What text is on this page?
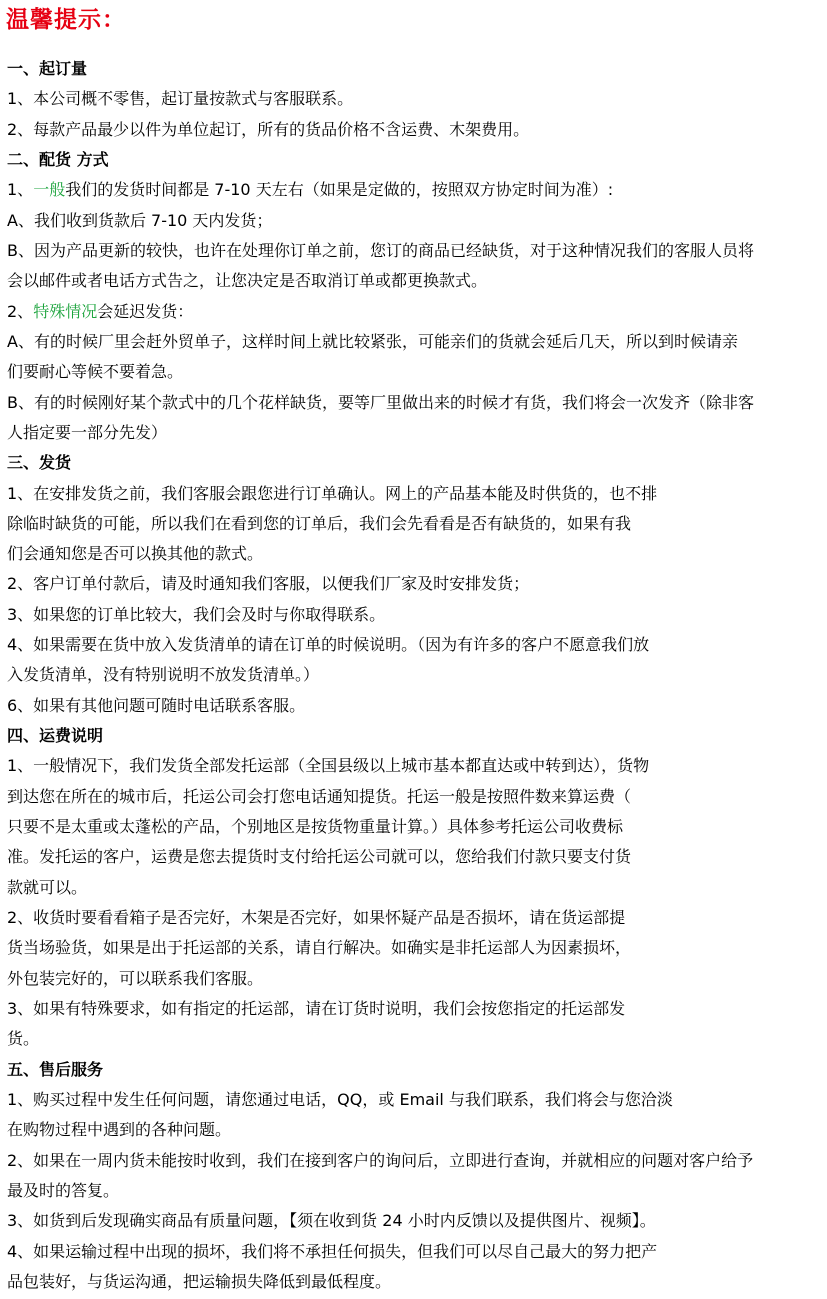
温馨提示：
一、起订量
1、本公司概不零售，起订量按款式与客服联系。
2、每款产品最少以件为单位起订，所有的货品价格不含运费、木架费用。
二、配货 方式
1、一般我们的发货时间都是 7-10 天左右（如果是定做的，按照双方协定时间为准）:
A、我们收到货款后 7-10 天内发货；
B、因为产品更新的较快，也许在处理你订单之前，您订的商品已经缺货，对于这种情况我们的客服人员将
会以邮件或者电话方式告之，让您决定是否取消订单或都更换款式。
2、特殊情况会延迟发货：
A、有的时候厂里会赶外贸单子，这样时间上就比较紧张，可能亲们的货就会延后几天，所以到时候请亲
们要耐心等候不要着急。
B、有的时候刚好某个款式中的几个花样缺货，要等厂里做出来的时候才有货，我们将会一次发齐（除非客
人指定要一部分先发）
三、发货
1、在安排发货之前，我们客服会跟您进行订单确认。网上的产品基本能及时供货的，也不排
除临时缺货的可能，所以我们在看到您的订单后，我们会先看看是否有缺货的，如果有我
们会通知您是否可以换其他的款式。
2、客户订单付款后，请及时通知我们客服，以便我们厂家及时安排发货；
3、如果您的订单比较大，我们会及时与你取得联系。
4、如果需要在货中放入发货清单的请在订单的时候说明。（因为有许多的客户不愿意我们放
入发货清单，没有特别说明不放发货清单。）
6、如果有其他问题可随时电话联系客服。
四、运费说明
1、一般情况下，我们发货全部发托运部（全国县级以上城市基本都直达或中转到达），货物
到达您在所在的城市后，托运公司会打您电话通知提货。托运一般是按照件数来算运费（
只要不是太重或太蓬松的产品，个别地区是按货物重量计算。）具体参考托运公司收费标
准。发托运的客户，运费是您去提货时支付给托运公司就可以，您给我们付款只要支付货
款就可以。
2、收货时要看看箱子是否完好，木架是否完好，如果怀疑产品是否损坏，请在货运部提
货当场验货，如果是出于托运部的关系，请自行解决。如确实是非托运部人为因素损坏，
外包装完好的，可以联系我们客服。
3、如果有特殊要求，如有指定的托运部，请在订货时说明，我们会按您指定的托运部发
货。
五、售后服务
1、购买过程中发生任何问题，请您通过电话，QQ，或 Email 与我们联系，我们将会与您洽淡
在购物过程中遇到的各种问题。
2、如果在一周内货未能按时收到，我们在接到客户的询问后，立即进行查询，并就相应的问题对客户给予
最及时的答复。
3、如货到后发现确实商品有质量问题，【须在收到货 24 小时内反馈以及提供图片、视频】。
4、如果运输过程中出现的损坏，我们将不承担任何损失，但我们可以尽自己最大的努力把产
品包装好，与货运沟通，把运输损失降低到最低程度。
